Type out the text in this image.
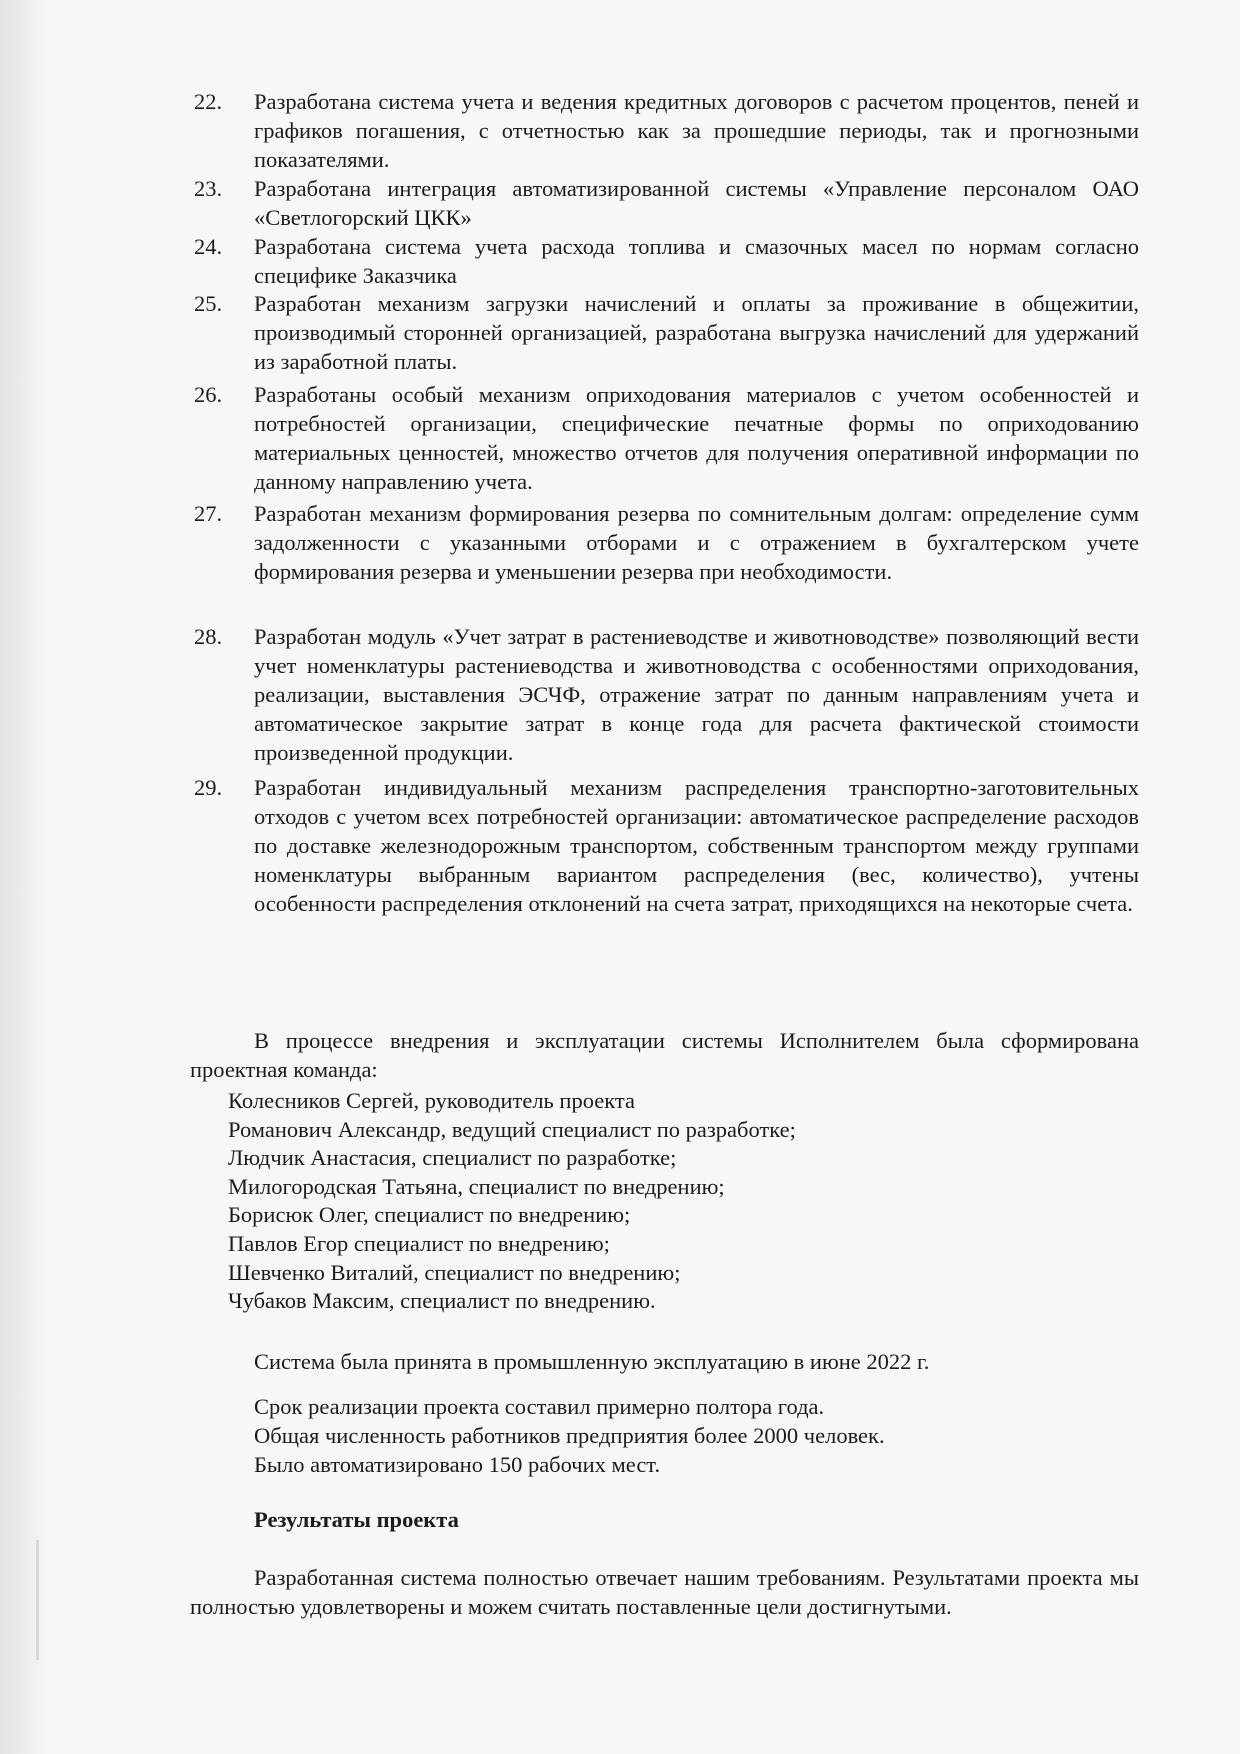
22.	Разработана система учета и ведения кредитных договоров с расчетом процентов, пеней и графиков погашения, с отчетностью как за прошедшие периоды, так и прогнозными показателями.
23.	Разработана интеграция автоматизированной системы «Управление персоналом ОАО «Светлогорский ЦКК»
24.	Разработана система учета расхода топлива и смазочных масел по нормам согласно специфике Заказчика
25.	Разработан механизм загрузки начислений и оплаты за проживание в общежитии, производимый сторонней организацией, разработана выгрузка начислений для удержаний из заработной платы.
26.	Разработаны особый механизм оприходования материалов с учетом особенностей и потребностей организации, специфические печатные формы по оприходованию материальных ценностей, множество отчетов для получения оперативной информации по данному направлению учета.
27.	Разработан механизм формирования резерва по сомнительным долгам: определение сумм задолженности с указанными отборами и с отражением в бухгалтерском учете формирования резерва и уменьшении резерва при необходимости.
28.	Разработан модуль «Учет затрат в растениеводстве и животноводстве» позволяющий вести учет номенклатуры растениеводства и животноводства с особенностями оприходования, реализации, выставления ЭСЧФ, отражение затрат по данным направлениям учета и автоматическое закрытие затрат в конце года для расчета фактической стоимости произведенной продукции.
29.	Разработан индивидуальный механизм распределения транспортно-заготовительных отходов с учетом всех потребностей организации: автоматическое распределение расходов по доставке железнодорожным транспортом, собственным транспортом между группами номенклатуры выбранным вариантом распределения (вес, количество), учтены особенности распределения отклонений на счета затрат, приходящихся на некоторые счета.
В процессе внедрения и эксплуатации системы Исполнителем была сформирована проектная команда:
Колесников Сергей, руководитель проекта
Романович Александр, ведущий специалист по разработке;
Людчик Анастасия, специалист по разработке;
Милогородская Татьяна, специалист по внедрению;
Борисюк Олег, специалист по внедрению;
Павлов Егор специалист по внедрению;
Шевченко Виталий, специалист по внедрению;
Чубаков Максим, специалист по внедрению.
Система была принята в промышленную эксплуатацию в июне 2022 г.
Срок реализации проекта составил примерно полтора года.
Общая численность работников предприятия более 2000 человек.
Было автоматизировано 150 рабочих мест.
Результаты проекта
Разработанная система полностью отвечает нашим требованиям. Результатами проекта мы полностью удовлетворены и можем считать поставленные цели достигнутыми.
